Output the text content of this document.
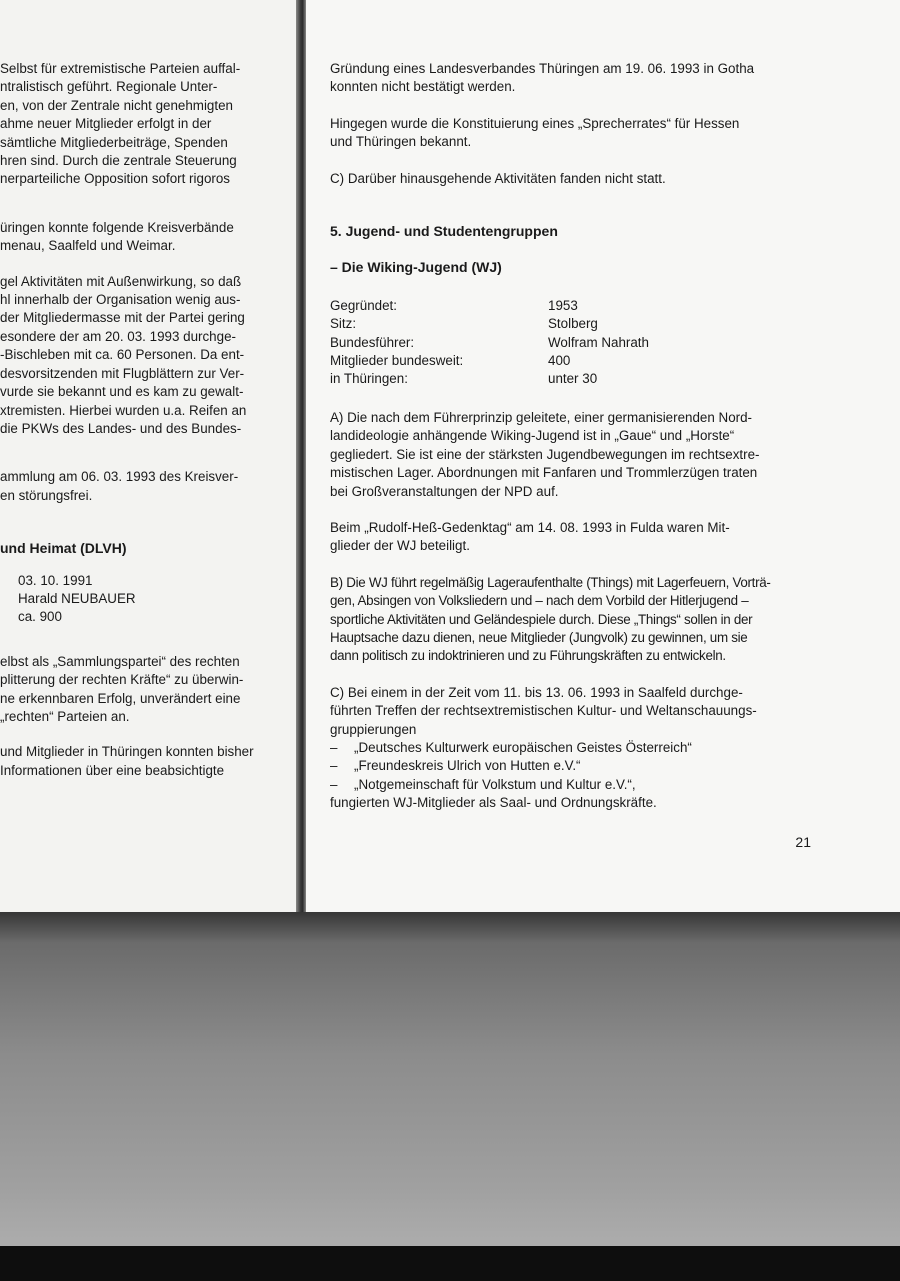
Selbst für extremistische Parteien auffal-

ntralistisch geführt. Regionale Unter-

en, von der Zentrale nicht genehmigten

ahme neuer Mitglieder erfolgt in der

sämtliche Mitgliederbeiträge, Spenden

hren sind. Durch die zentrale Steuerung

nerparteiliche Opposition sofort rigoros

üringen konnte folgende Kreisverbände

menau, Saalfeld und Weimar.

gel Aktivitäten mit Außenwirkung, so daß

hl innerhalb der Organisation wenig aus-

der Mitgliedermasse mit der Partei gering

esondere der am 20. 03. 1993 durchge-

-Bischleben mit ca. 60 Personen. Da ent-

desvorsitzenden mit Flugblättern zur Ver-

vurde sie bekannt und es kam zu gewalt-

xtremisten. Hierbei wurden u.a. Reifen an

die PKWs des Landes- und des Bundes-

ammlung am 06. 03. 1993 des Kreisver-

en störungsfrei.

und Heimat (DLVH)

03. 10. 1991
Harald NEUBAUER
ca. 900

elbst als „Sammlungspartei“ des rechten

plitterung der rechten Kräfte“ zu überwin-

ne erkennbaren Erfolg, unverändert eine

„rechten“ Parteien an.

und Mitglieder in Thüringen konnten bisher

Informationen über eine beabsichtigte

Gründung eines Landesverbandes Thüringen am 19. 06. 1993 in Gotha

konnten nicht bestätigt werden.

Hingegen wurde die Konstituierung eines „Sprecherrates“ für Hessen

und Thüringen bekannt.

C) Darüber hinausgehende Aktivitäten fanden nicht statt.

5. Jugend- und Studentengruppen

– Die Wiking-Jugend (WJ)

Gegründet:	1953
Sitz:	Stolberg
Bundesführer:	Wolfram Nahrath
Mitglieder bundesweit:	400
in Thüringen:	unter 30

A) Die nach dem Führerprinzip geleitete, einer germanisierenden Nord-

landideologie anhängende Wiking-Jugend ist in „Gaue“ und „Horste“

gegliedert. Sie ist eine der stärksten Jugendbewegungen im rechtsextre-

mistischen Lager. Abordnungen mit Fanfaren und Trommlerzügen traten

bei Großveranstaltungen der NPD auf.

Beim „Rudolf-Heß-Gedenktag“ am 14. 08. 1993 in Fulda waren Mit-

glieder der WJ beteiligt.

B) Die WJ führt regelmäßig Lageraufenthalte (Things) mit Lagerfeuern, Vorträ-

gen, Absingen von Volksliedern und – nach dem Vorbild der Hitlerjugend –

sportliche Aktivitäten und Geländespiele durch. Diese „Things“ sollen in der

Hauptsache dazu dienen, neue Mitglieder (Jungvolk) zu gewinnen, um sie

dann politisch zu indoktrinieren und zu Führungskräften zu entwickeln.

C) Bei einem in der Zeit vom 11. bis 13. 06. 1993 in Saalfeld durchge-

führten Treffen der rechtsextremistischen Kultur- und Weltanschauungs-

gruppierungen

– „Deutsches Kulturwerk europäischen Geistes Österreich“
– „Freundeskreis Ulrich von Hutten e.V.“
– „Notgemeinschaft für Volkstum und Kultur e.V.“,

fungierten WJ-Mitglieder als Saal- und Ordnungskräfte.

21
